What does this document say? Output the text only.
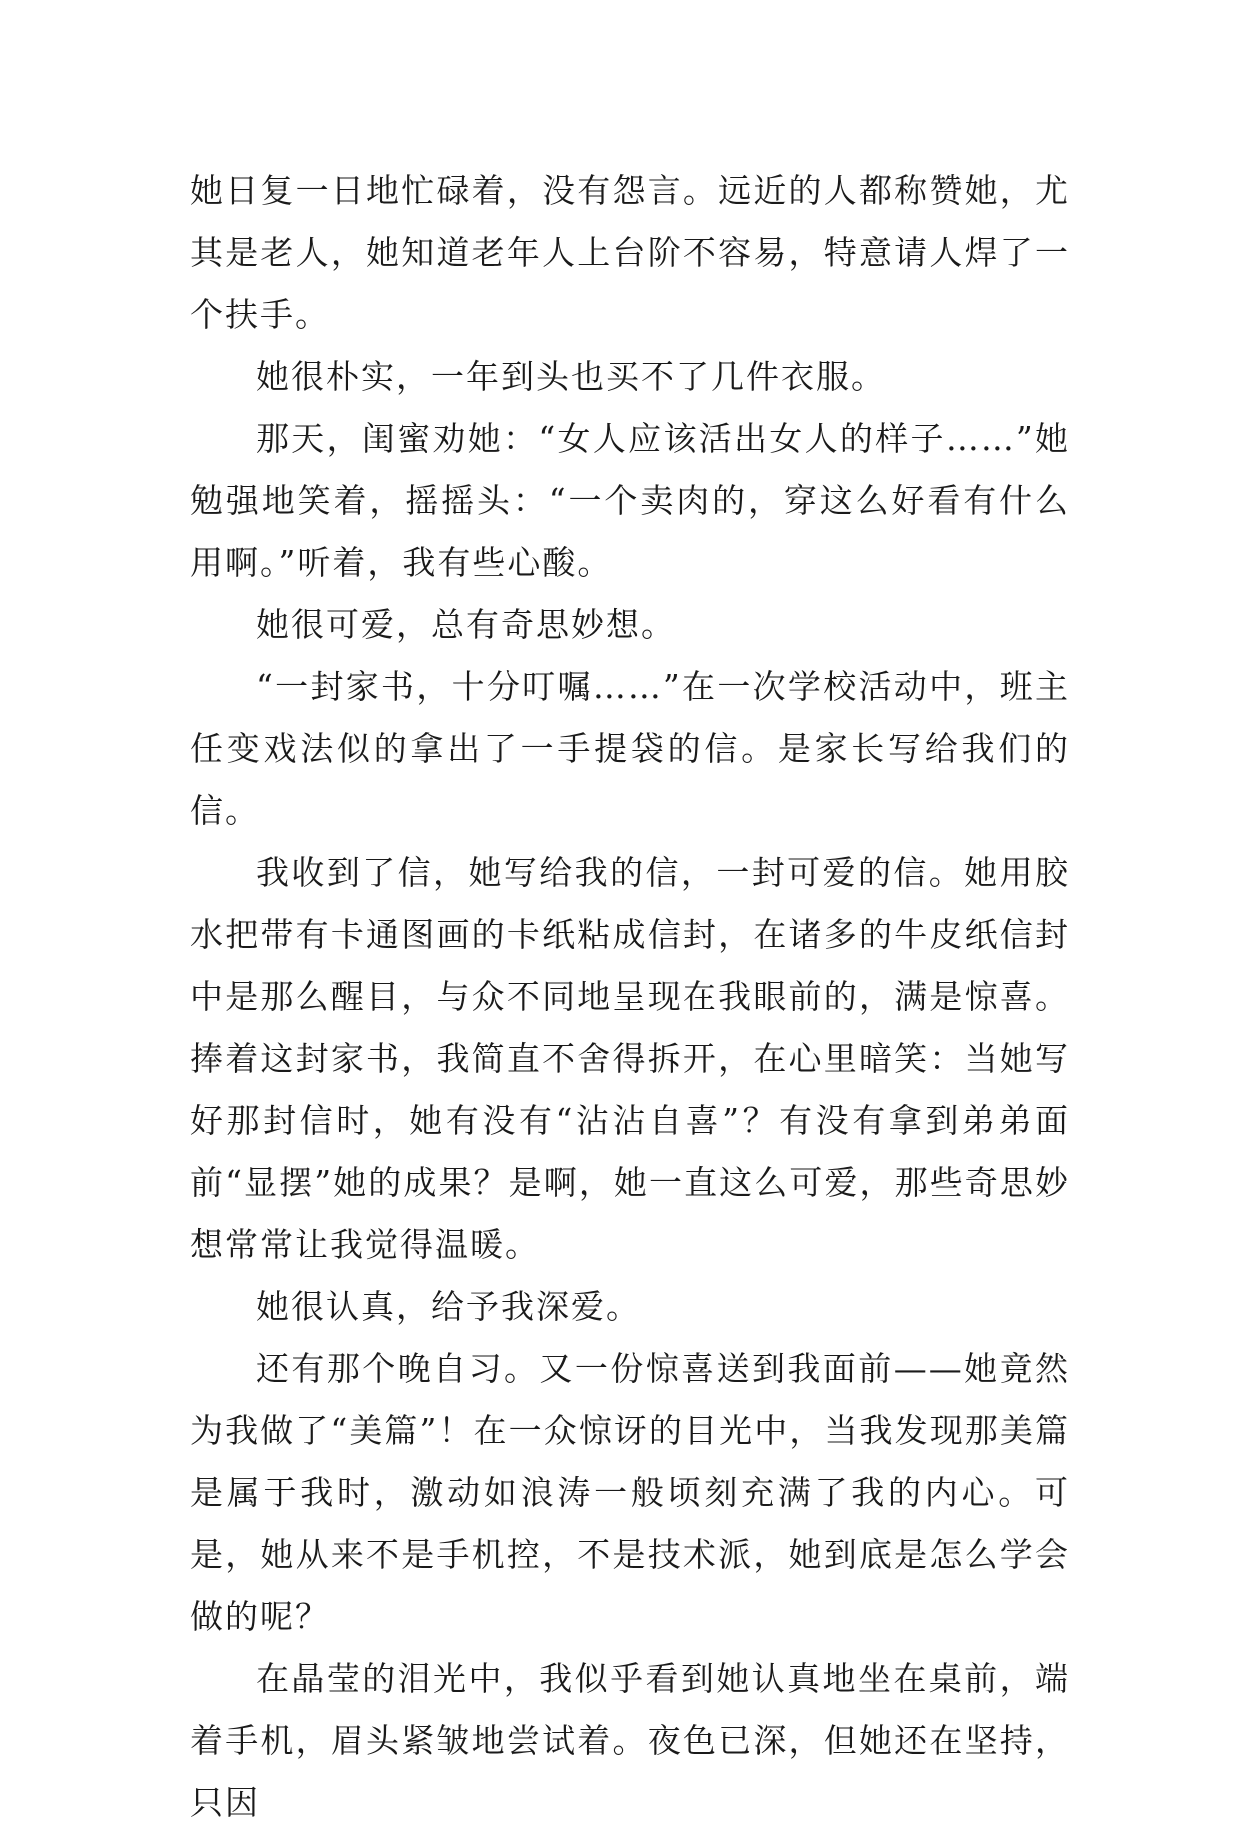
她日复一日地忙碌着，没有怨言。远近的人都称赞她，尤其是老人，她知道老年人上台阶不容易，特意请人焊了一个扶手。

她很朴实，一年到头也买不了几件衣服。

那天，闺蜜劝她：“女人应该活出女人的样子……”她勉强地笑着，摇摇头：“一个卖肉的，穿这么好看有什么用啊。”听着，我有些心酸。

她很可爱，总有奇思妙想。

“一封家书，十分叮嘱……”在一次学校活动中，班主任变戏法似的拿出了一手提袋的信。是家长写给我们的信。

我收到了信，她写给我的信，一封可爱的信。她用胶水把带有卡通图画的卡纸粘成信封，在诸多的牛皮纸信封中是那么醒目，与众不同地呈现在我眼前的，满是惊喜。捧着这封家书，我简直不舍得拆开，在心里暗笑：当她写好那封信时，她有没有“沾沾自喜”？有没有拿到弟弟面前“显摆”她的成果？是啊，她一直这么可爱，那些奇思妙想常常让我觉得温暖。

她很认真，给予我深爱。

还有那个晚自习。又一份惊喜送到我面前——她竟然为我做了“美篇”！在一众惊讶的目光中，当我发现那美篇是属于我时，激动如浪涛一般顷刻充满了我的内心。可是，她从来不是手机控，不是技术派，她到底是怎么学会做的呢？

在晶莹的泪光中，我似乎看到她认真地坐在桌前，端着手机，眉头紧皱地尝试着。夜色已深，但她还在坚持，只因
